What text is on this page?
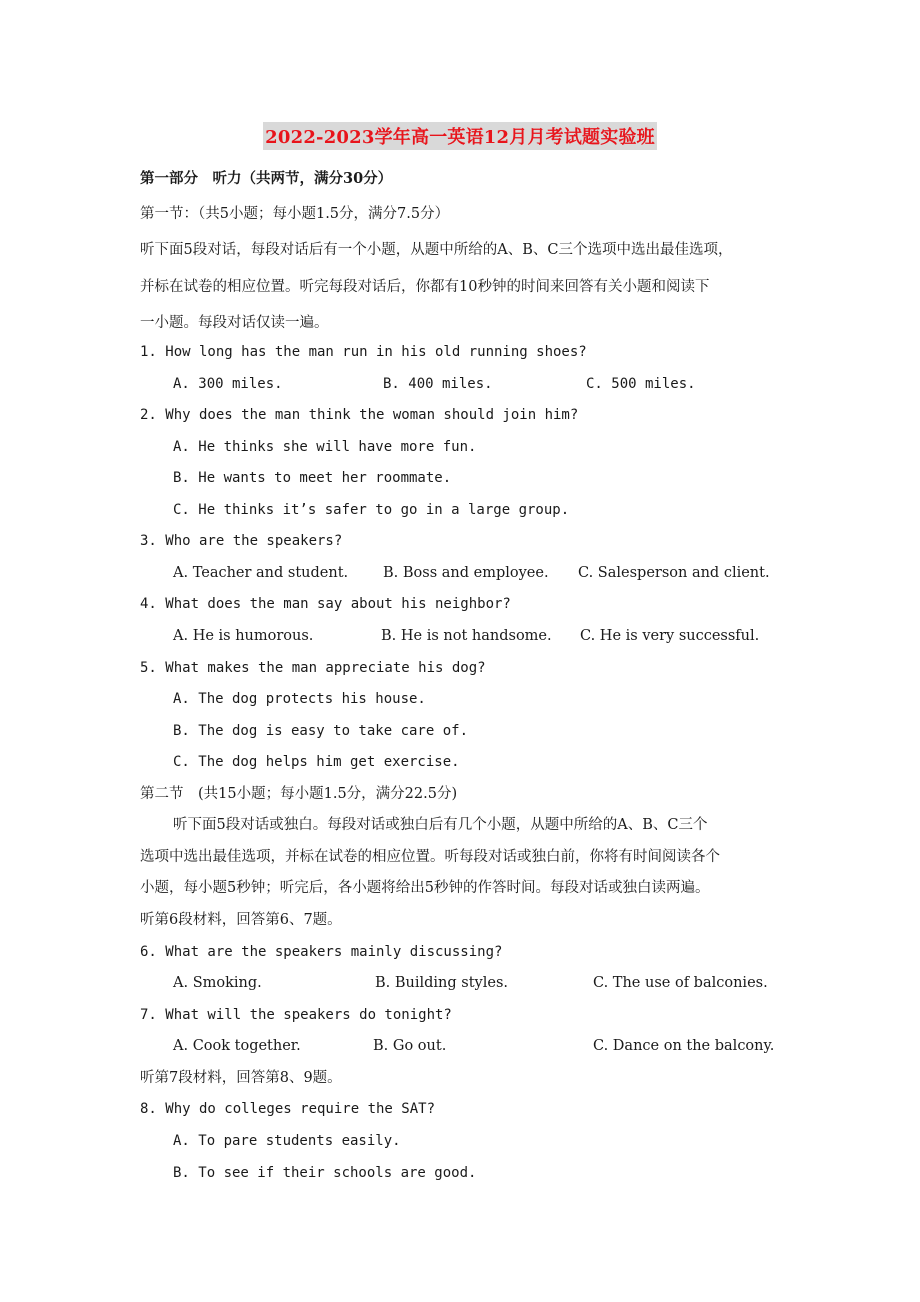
2022-2023学年高一英语12月月考试题实验班
第一部分　听力（共两节，满分30分）
第一节：（共5小题；每小题1.5分，满分7.5分）
听下面5段对话，每段对话后有一个小题，从题中所给的A、B、C三个选项中选出最佳选项，
并标在试卷的相应位置。听完每段对话后，你都有10秒钟的时间来回答有关小题和阅读下
一小题。每段对话仅读一遍。
1. How long has the man run in his old running shoes?
A. 300 miles.	B. 400 miles.	C. 500 miles.
2. Why does the man think the woman should join him?
A. He thinks she will have more fun.
B. He wants to meet her roommate.
C. He thinks it’s safer to go in a large group.
3. Who are the speakers?
A. Teacher and student. B. Boss and employee. C. Salesperson and client.
4. What does the man say about his neighbor?
A. He is humorous.	B. He is not handsome. C. He is very successful.
5. What makes the man appreciate his dog?
A. The dog protects his house.
B. The dog is easy to take care of.
C. The dog helps him get exercise.
第二节　(共15小题；每小题1.5分，满分22.5分)
听下面5段对话或独白。每段对话或独白后有几个小题，从题中所给的A、B、C三个
选项中选出最佳选项，并标在试卷的相应位置。听每段对话或独白前，你将有时间阅读各个
小题，每小题5秒钟；听完后，各小题将给出5秒钟的作答时间。每段对话或独白读两遍。
听第6段材料，回答第6、7题。
6. What are the speakers mainly discussing?
A. Smoking.	B. Building styles.	C. The use of balconies.
7. What will the speakers do tonight?
A. Cook together.	B. Go out.	C. Dance on the balcony.
听第7段材料，回答第8、9题。
8. Why do colleges require the SAT?
A. To pare students easily.
B. To see if their schools are good.
